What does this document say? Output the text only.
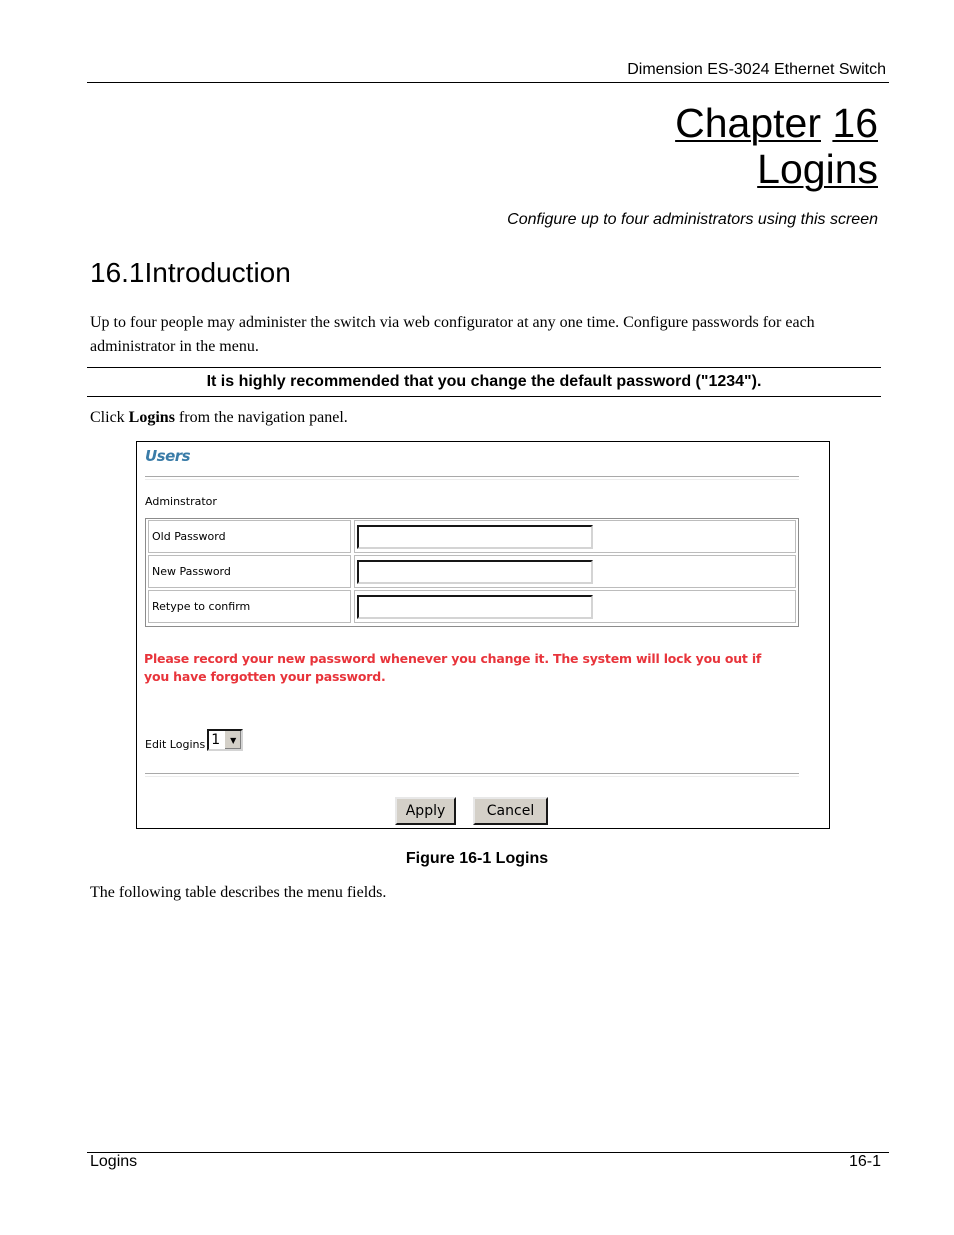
Dimension ES-3024 Ethernet Switch
Chapter 16
Logins
Configure up to four administrators using this screen
16.1Introduction
Up to four people may administer the switch via web configurator at any one time. Configure passwords for each administrator in the menu.
It is highly recommended that you change the default password ("1234").
Click Logins from the navigation panel.
Users
Adminstrator
Old Password
New Password
Retype to confirm
Please record your new password whenever you change it. The system will lock you out if you have forgotten your password.
Edit Logins 1	▼
Apply	Cancel
Figure 16-1 Logins
The following table describes the menu fields.
Logins	16-1
